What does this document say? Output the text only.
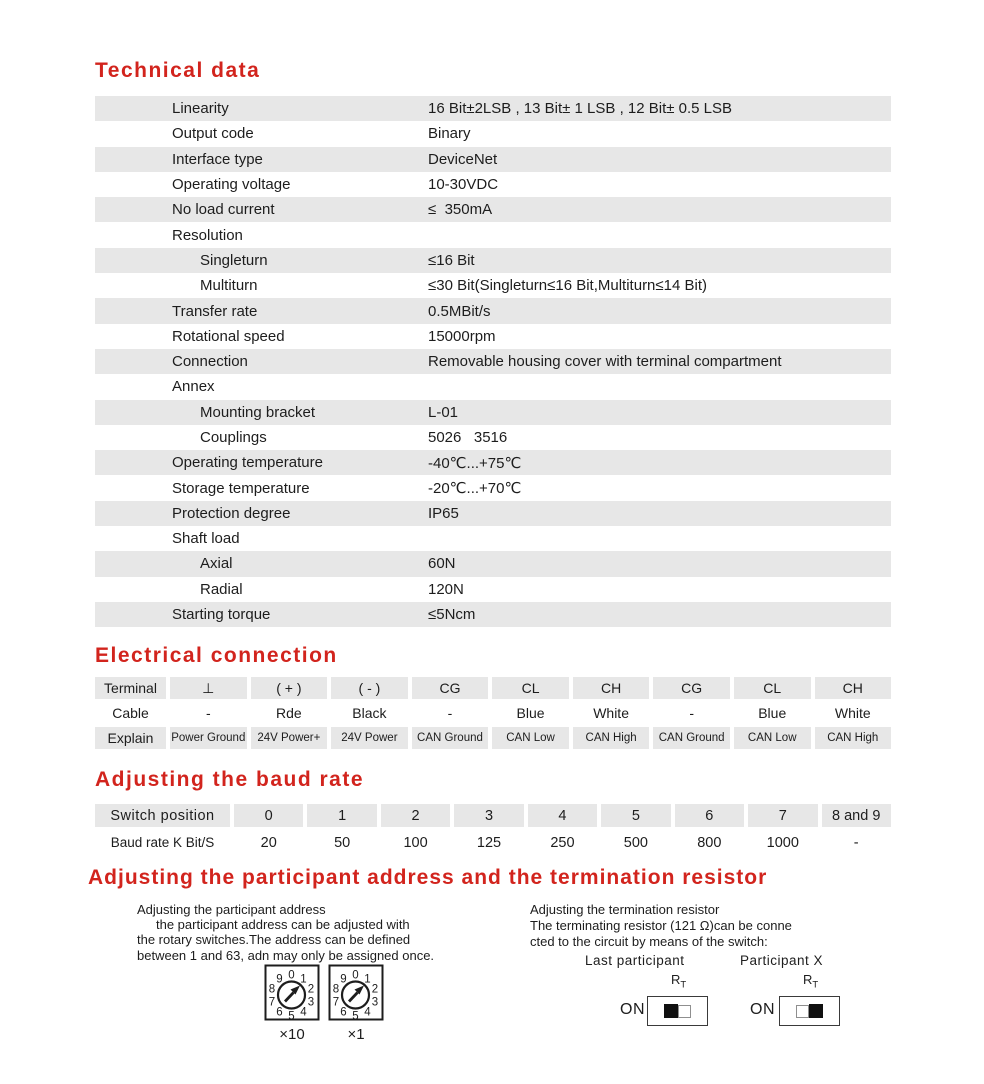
Technical data
Linearity	16 Bit±2LSB , 13 Bit± 1 LSB , 12 Bit± 0.5 LSB
Output code	Binary
Interface type	DeviceNet
Operating voltage	10-30VDC
No load current	≤  350mA
Resolution
Singleturn	≤16 Bit
Multiturn	≤30 Bit(Singleturn≤16 Bit,Multiturn≤14 Bit)
Transfer rate	0.5MBit/s
Rotational speed	15000rpm
Connection	Removable housing cover with terminal compartment
Annex
Mounting bracket	L-01
Couplings	5026   3516
Operating temperature	-40℃...+75℃
Storage temperature	-20℃...+70℃
Protection degree	IP65
Shaft load
Axial	60N
Radial	120N
Starting torque	≤5Ncm
Electrical connection
Terminal	⊥	( + )	( - )	CG	CL	CH	CG	CL	CH
Cable	-	Rde	Black	-	Blue	White	-	Blue	White
Explain	Power Ground	24V Power+	24V Power	CAN Ground	CAN Low	CAN High	CAN Ground	CAN Low	CAN High
Adjusting the baud rate
Switch position	0	1	2	3	4	5	6	7	8 and 9
Baud rate K Bit/S	20	50	100	125	250	500	800	1000	-
Adjusting the participant address and the termination resistor
Adjusting the participant address
the participant address can be adjusted with
the rotary switches.The address can be defined
between 1 and 63, adn may only be assigned once.
0 1
2
3
4
5
6
7
8
9	0 1
2
3
4
5
6
7
8
9
×10	×1
Adjusting the termination resistor
The terminating resistor (121 Ω)can be conne
cted to the circuit by means of the switch:
Last participant	Participant X
$R_T$
ON
$R_T$
ON
